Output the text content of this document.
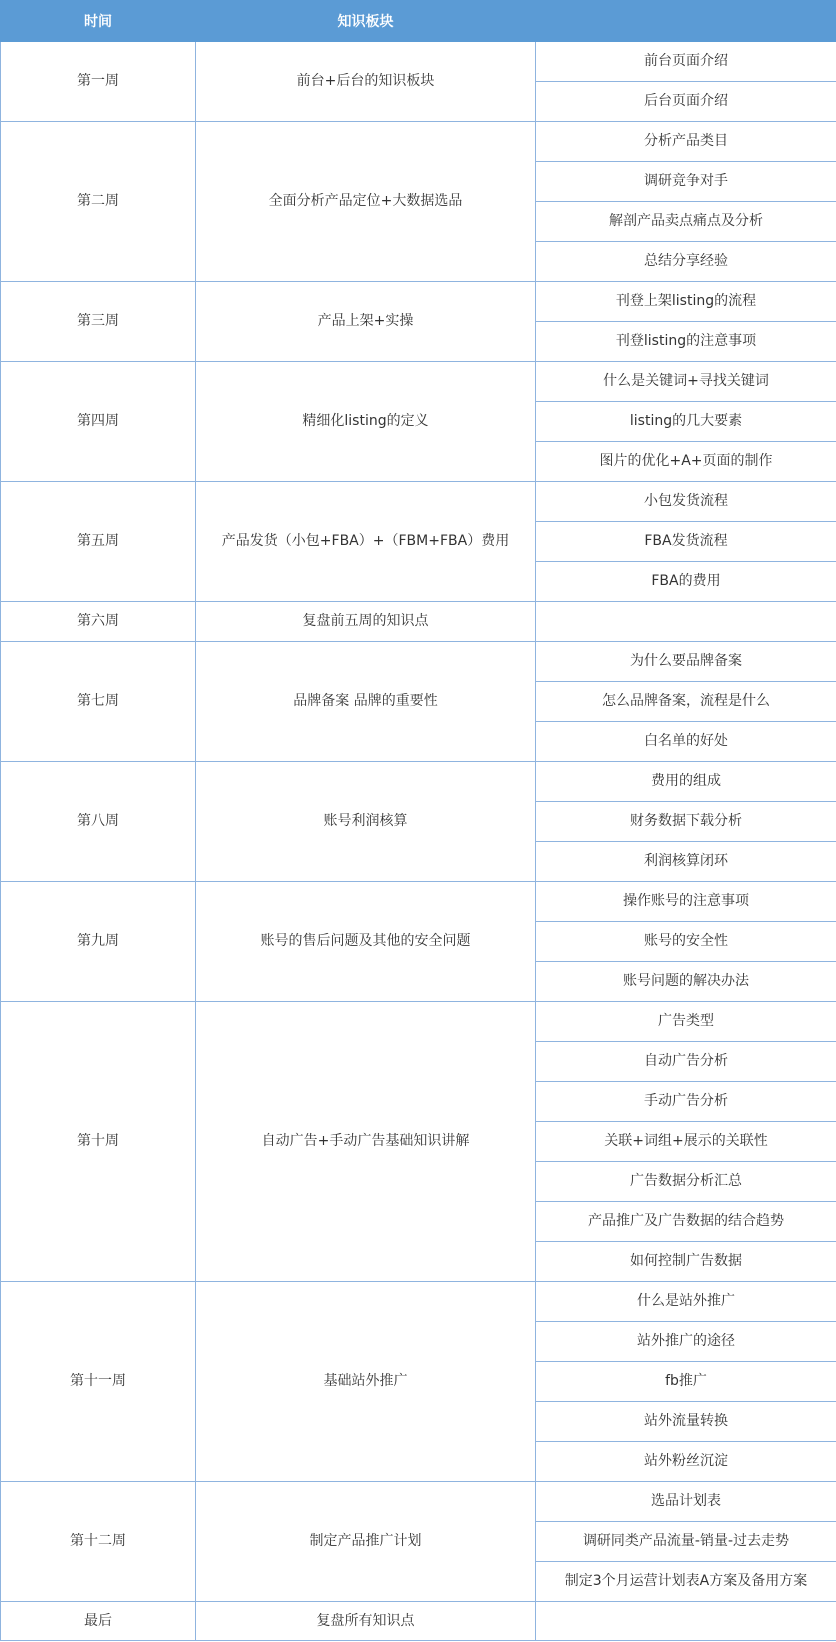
时间	知识板块	
第一周	前台+后台的知识板块	前台页面介绍
		后台页面介绍
第二周	全面分析产品定位+大数据选品	分析产品类目
		调研竞争对手
		解剖产品卖点痛点及分析
		总结分享经验
第三周	产品上架+实操	刊登上架listing的流程
		刊登listing的注意事项
第四周	精细化listing的定义	什么是关键词+寻找关键词
		listing的几大要素
		图片的优化+A+页面的制作
第五周	产品发货（小包+FBA）+（FBM+FBA）费用	小包发货流程
		FBA发货流程
		FBA的费用
第六周	复盘前五周的知识点	
第七周	品牌备案 品牌的重要性	为什么要品牌备案
		怎么品牌备案，流程是什么
		白名单的好处
第八周	账号利润核算	费用的组成
		财务数据下载分析
		利润核算闭环
第九周	账号的售后问题及其他的安全问题	操作账号的注意事项
		账号的安全性
		账号问题的解决办法
第十周	自动广告+手动广告基础知识讲解	广告类型
		自动广告分析
		手动广告分析
		关联+词组+展示的关联性
		广告数据分析汇总
		产品推广及广告数据的结合趋势
		如何控制广告数据
第十一周	基础站外推广	什么是站外推广
		站外推广的途径
		fb推广
		站外流量转换
		站外粉丝沉淀
第十二周	制定产品推广计划	选品计划表
		调研同类产品流量-销量-过去走势
		制定3个月运营计划表A方案及备用方案
最后	复盘所有知识点	
